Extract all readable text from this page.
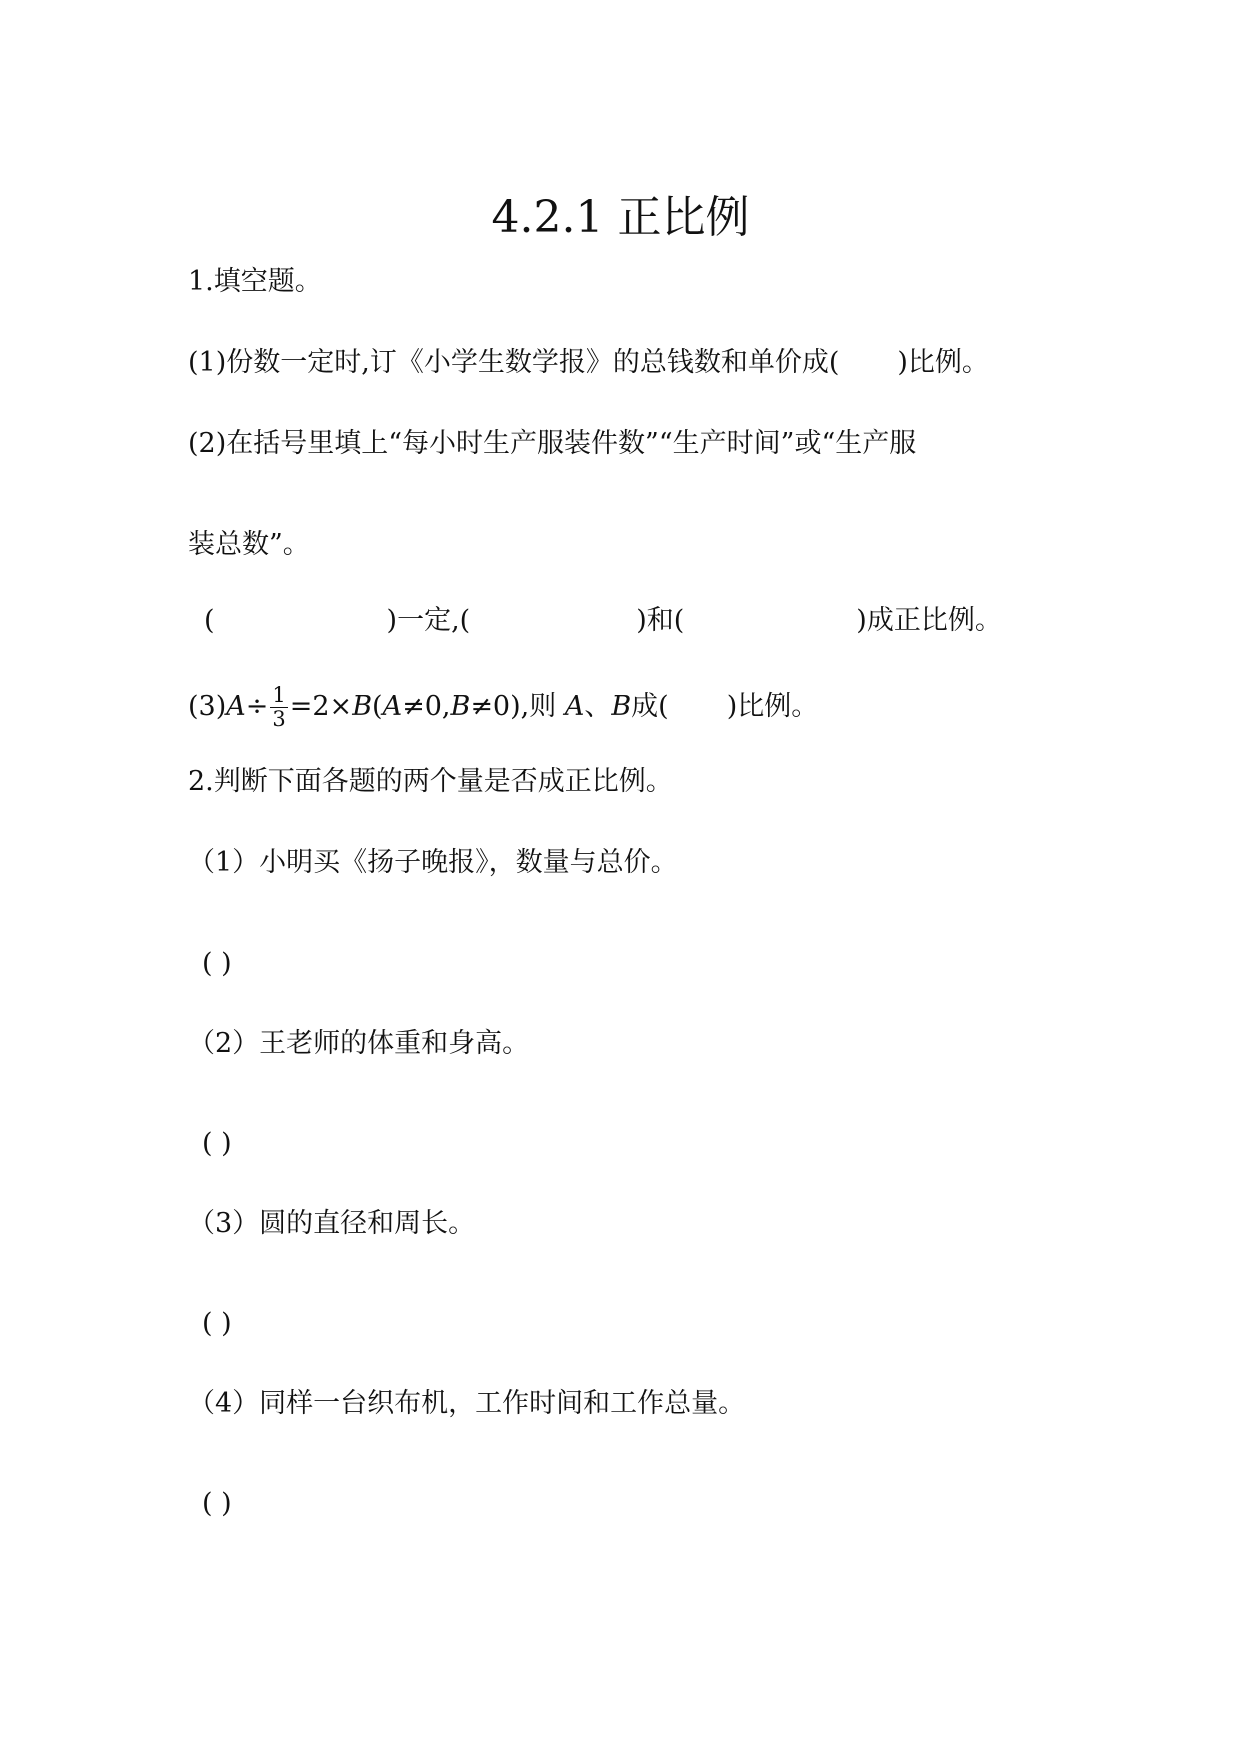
4.2.1 正比例
1.填空题。
(1)份数一定时,订《小学生数学报》的总钱数和单价成( )比例。
(2)在括号里填上“每小时生产服装件数”“生产时间”或“生产服
装总数”。
(	)一定,(	)和(	)成正比例。
$(3)A\div \frac{1}{3} =2\times B(A\ne 0,B\ne 0)$,则 A、B成( )比例。
2.判断下面各题的两个量是否成正比例。
（1）小明买《扬子晚报》，数量与总价。
( )
（2）王老师的体重和身高。
( )
（3）圆的直径和周长。
( )
（4）同样一台织布机，工作时间和工作总量。
( )
